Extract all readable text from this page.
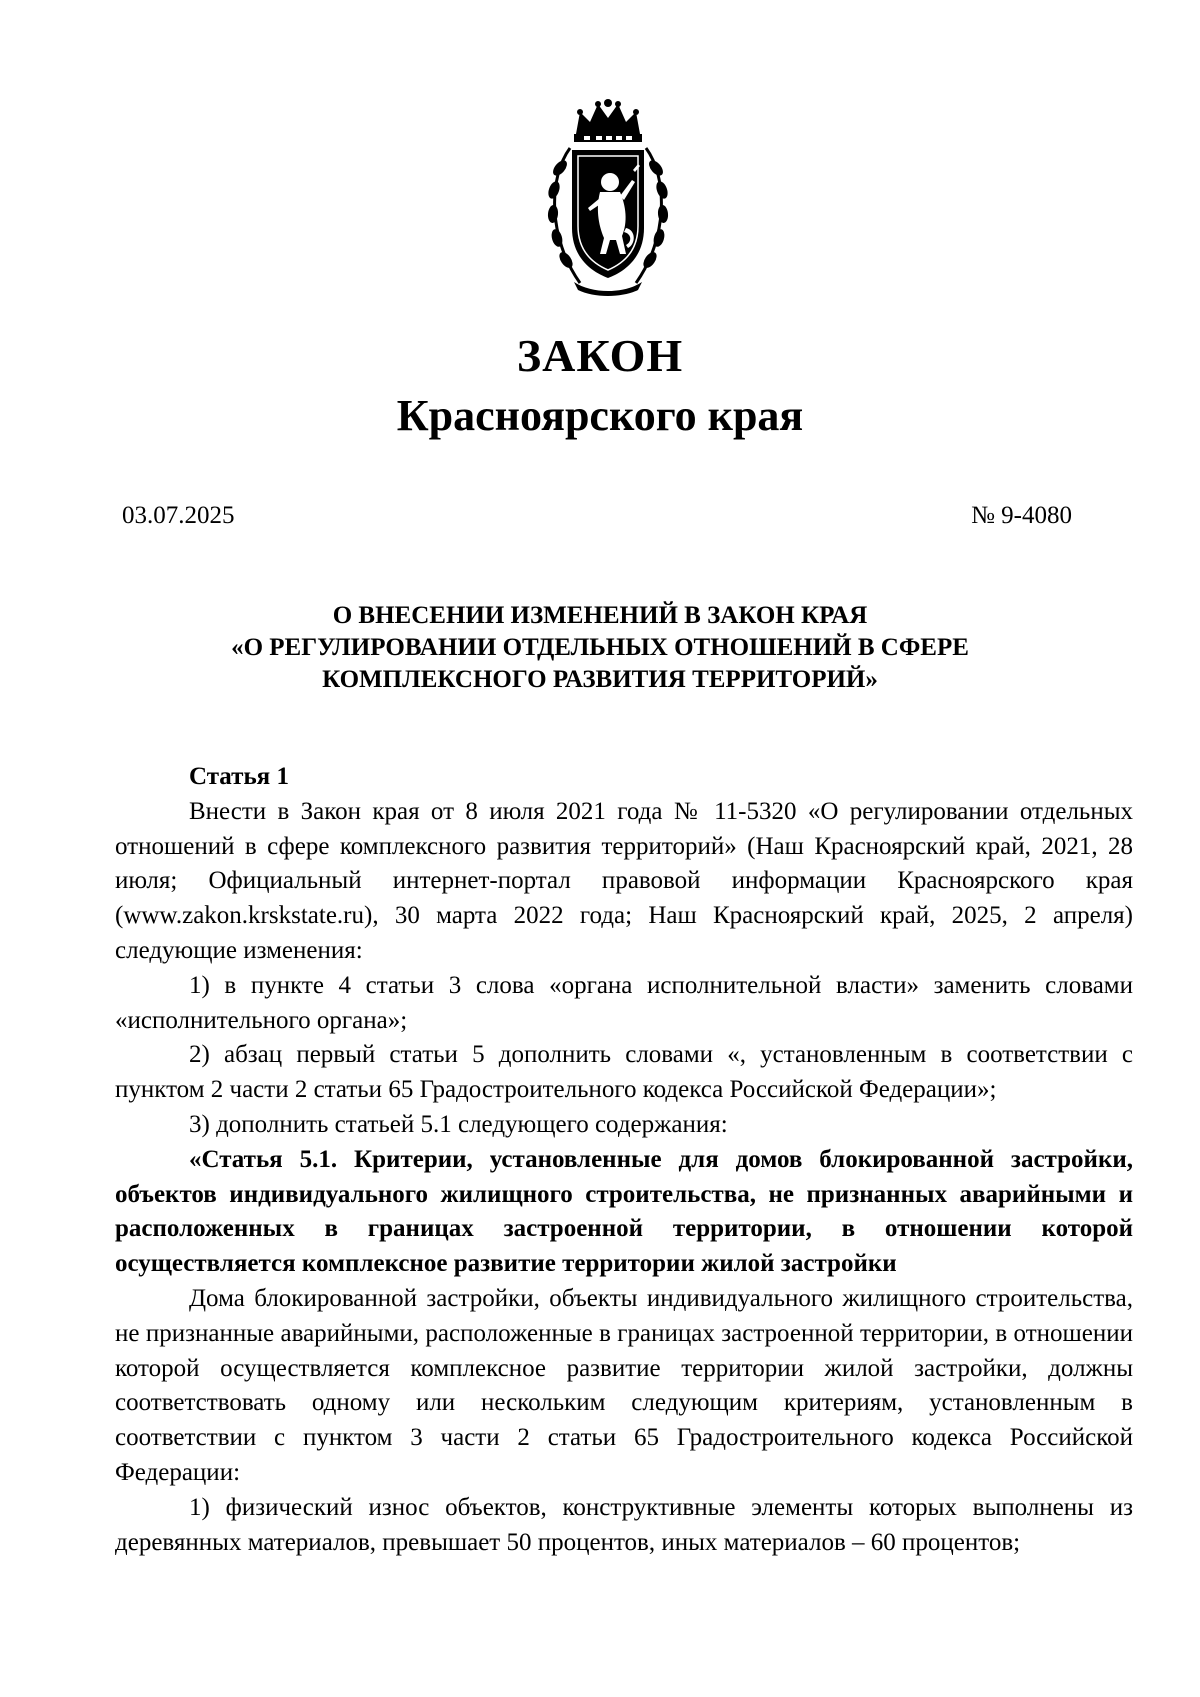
ЗАКОН
Красноярского края
03.07.2025	№ 9-4080
О ВНЕСЕНИИ ИЗМЕНЕНИЙ В ЗАКОН КРАЯ
«О РЕГУЛИРОВАНИИ ОТДЕЛЬНЫХ ОТНОШЕНИЙ В СФЕРЕ
КОМПЛЕКСНОГО РАЗВИТИЯ ТЕРРИТОРИЙ»

Статья 1

Внести в Закон края от 8 июля 2021 года № 11-5320 «О регулировании отдельных отношений в сфере комплексного развития территорий» (Наш Красноярский край, 2021, 28 июля; Официальный интернет-портал правовой информации Красноярского края (www.zakon.krskstate.ru), 30 марта 2022 года; Наш Красноярский край, 2025, 2 апреля) следующие изменения:

1) в пункте 4 статьи 3 слова «органа исполнительной власти» заменить словами «исполнительного органа»;

2) абзац первый статьи 5 дополнить словами «, установленным в соответствии с пунктом 2 части 2 статьи 65 Градостроительного кодекса Российской Федерации»;

3) дополнить статьей 5.1 следующего содержания:

«Статья 5.1. Критерии, установленные для домов блокированной застройки, объектов индивидуального жилищного строительства, не признанных аварийными и расположенных в границах застроенной территории, в отношении которой осуществляется комплексное развитие территории жилой застройки

Дома блокированной застройки, объекты индивидуального жилищного строительства, не признанные аварийными, расположенные в границах застроенной территории, в отношении которой осуществляется комплексное развитие территории жилой застройки, должны соответствовать одному или нескольким следующим критериям, установленным в соответствии с пунктом 3 части 2 статьи 65 Градостроительного кодекса Российской Федерации:

1) физический износ объектов, конструктивные элементы которых выполнены из деревянных материалов, превышает 50 процентов, иных материалов – 60 процентов;
